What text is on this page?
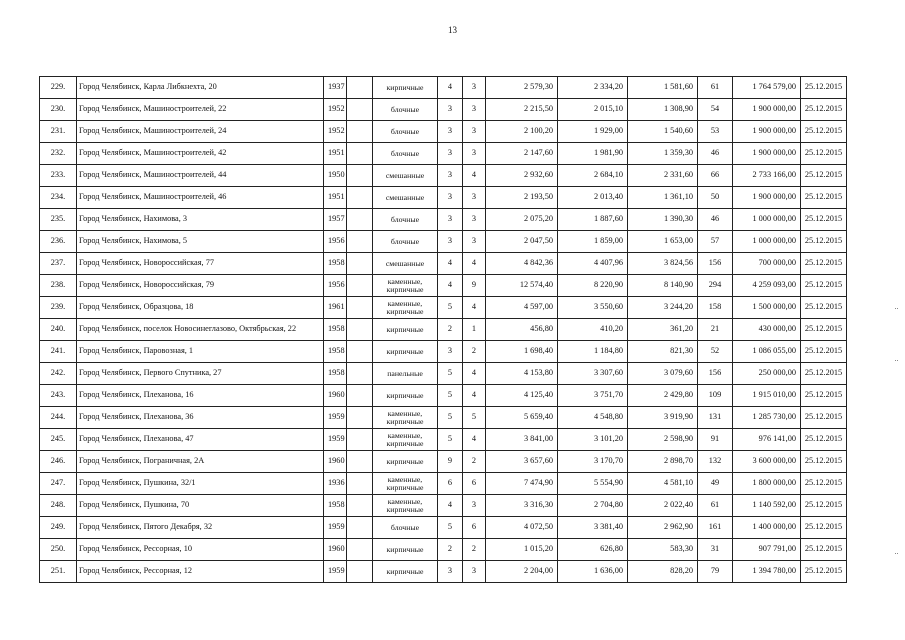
13
229.	Город Челябинск, Карла Либкнехта, 20	1937		кирпичные	4	3	2 579,30	2 334,20	1 581,60	61	1 764 579,00	25.12.2015
230.	Город Челябинск, Машиностроителей, 22	1952		блочные	3	3	2 215,50	2 015,10	1 308,90	54	1 900 000,00	25.12.2015
231.	Город Челябинск, Машиностроителей, 24	1952		блочные	3	3	2 100,20	1 929,00	1 540,60	53	1 900 000,00	25.12.2015
232.	Город Челябинск, Машиностроителей, 42	1951		блочные	3	3	2 147,60	1 981,90	1 359,30	46	1 900 000,00	25.12.2015
233.	Город Челябинск, Машиностроителей, 44	1950		смешанные	3	4	2 932,60	2 684,10	2 331,60	66	2 733 166,00	25.12.2015
234.	Город Челябинск, Машиностроителей, 46	1951		смешанные	3	3	2 193,50	2 013,40	1 361,10	50	1 900 000,00	25.12.2015
235.	Город Челябинск, Нахимова, 3	1957		блочные	3	3	2 075,20	1 887,60	1 390,30	46	1 000 000,00	25.12.2015
236.	Город Челябинск, Нахимова, 5	1956		блочные	3	3	2 047,50	1 859,00	1 653,00	57	1 000 000,00	25.12.2015
237.	Город Челябинск, Новороссийская, 77	1958		смешанные	4	4	4 842,36	4 407,96	3 824,56	156	700 000,00	25.12.2015
238.	Город Челябинск, Новороссийская, 79	1956		каменные, кирпичные	4	9	12 574,40	8 220,90	8 140,90	294	4 259 093,00	25.12.2015
239.	Город Челябинск, Образцова, 18	1961		каменные, кирпичные	5	4	4 597,00	3 550,60	3 244,20	158	1 500 000,00	25.12.2015
240.	Город Челябинск, поселок Новосинеглазово, Октябрьская, 22	1958		кирпичные	2	1	456,80	410,20	361,20	21	430 000,00	25.12.2015
241.	Город Челябинск, Паровозная, 1	1958		кирпичные	3	2	1 698,40	1 184,80	821,30	52	1 086 055,00	25.12.2015
242.	Город Челябинск, Первого Спутника, 27	1958		панельные	5	4	4 153,80	3 307,60	3 079,60	156	250 000,00	25.12.2015
243.	Город Челябинск, Плеханова, 16	1960		кирпичные	5	4	4 125,40	3 751,70	2 429,80	109	1 915 010,00	25.12.2015
244.	Город Челябинск, Плеханова, 36	1959		каменные, кирпичные	5	5	5 659,40	4 548,80	3 919,90	131	1 285 730,00	25.12.2015
245.	Город Челябинск, Плеханова, 47	1959		каменные, кирпичные	5	4	3 841,00	3 101,20	2 598,90	91	976 141,00	25.12.2015
246.	Город Челябинск, Пограничная, 2А	1960		кирпичные	9	2	3 657,60	3 170,70	2 898,70	132	3 600 000,00	25.12.2015
247.	Город Челябинск, Пушкина, 32/1	1936		каменные, кирпичные	6	6	7 474,90	5 554,90	4 581,10	49	1 800 000,00	25.12.2015
248.	Город Челябинск, Пушкина, 70	1958		каменные, кирпичные	4	3	3 316,30	2 704,80	2 022,40	61	1 140 592,00	25.12.2015
249.	Город Челябинск, Пятого Декабря, 32	1959		блочные	5	6	4 072,50	3 381,40	2 962,90	161	1 400 000,00	25.12.2015
250.	Город Челябинск, Рессорная, 10	1960		кирпичные	2	2	1 015,20	626,80	583,30	31	907 791,00	25.12.2015
251.	Город Челябинск, Рессорная, 12	1959		кирпичные	3	3	2 204,00	1 636,00	828,20	79	1 394 780,00	25.12.2015
